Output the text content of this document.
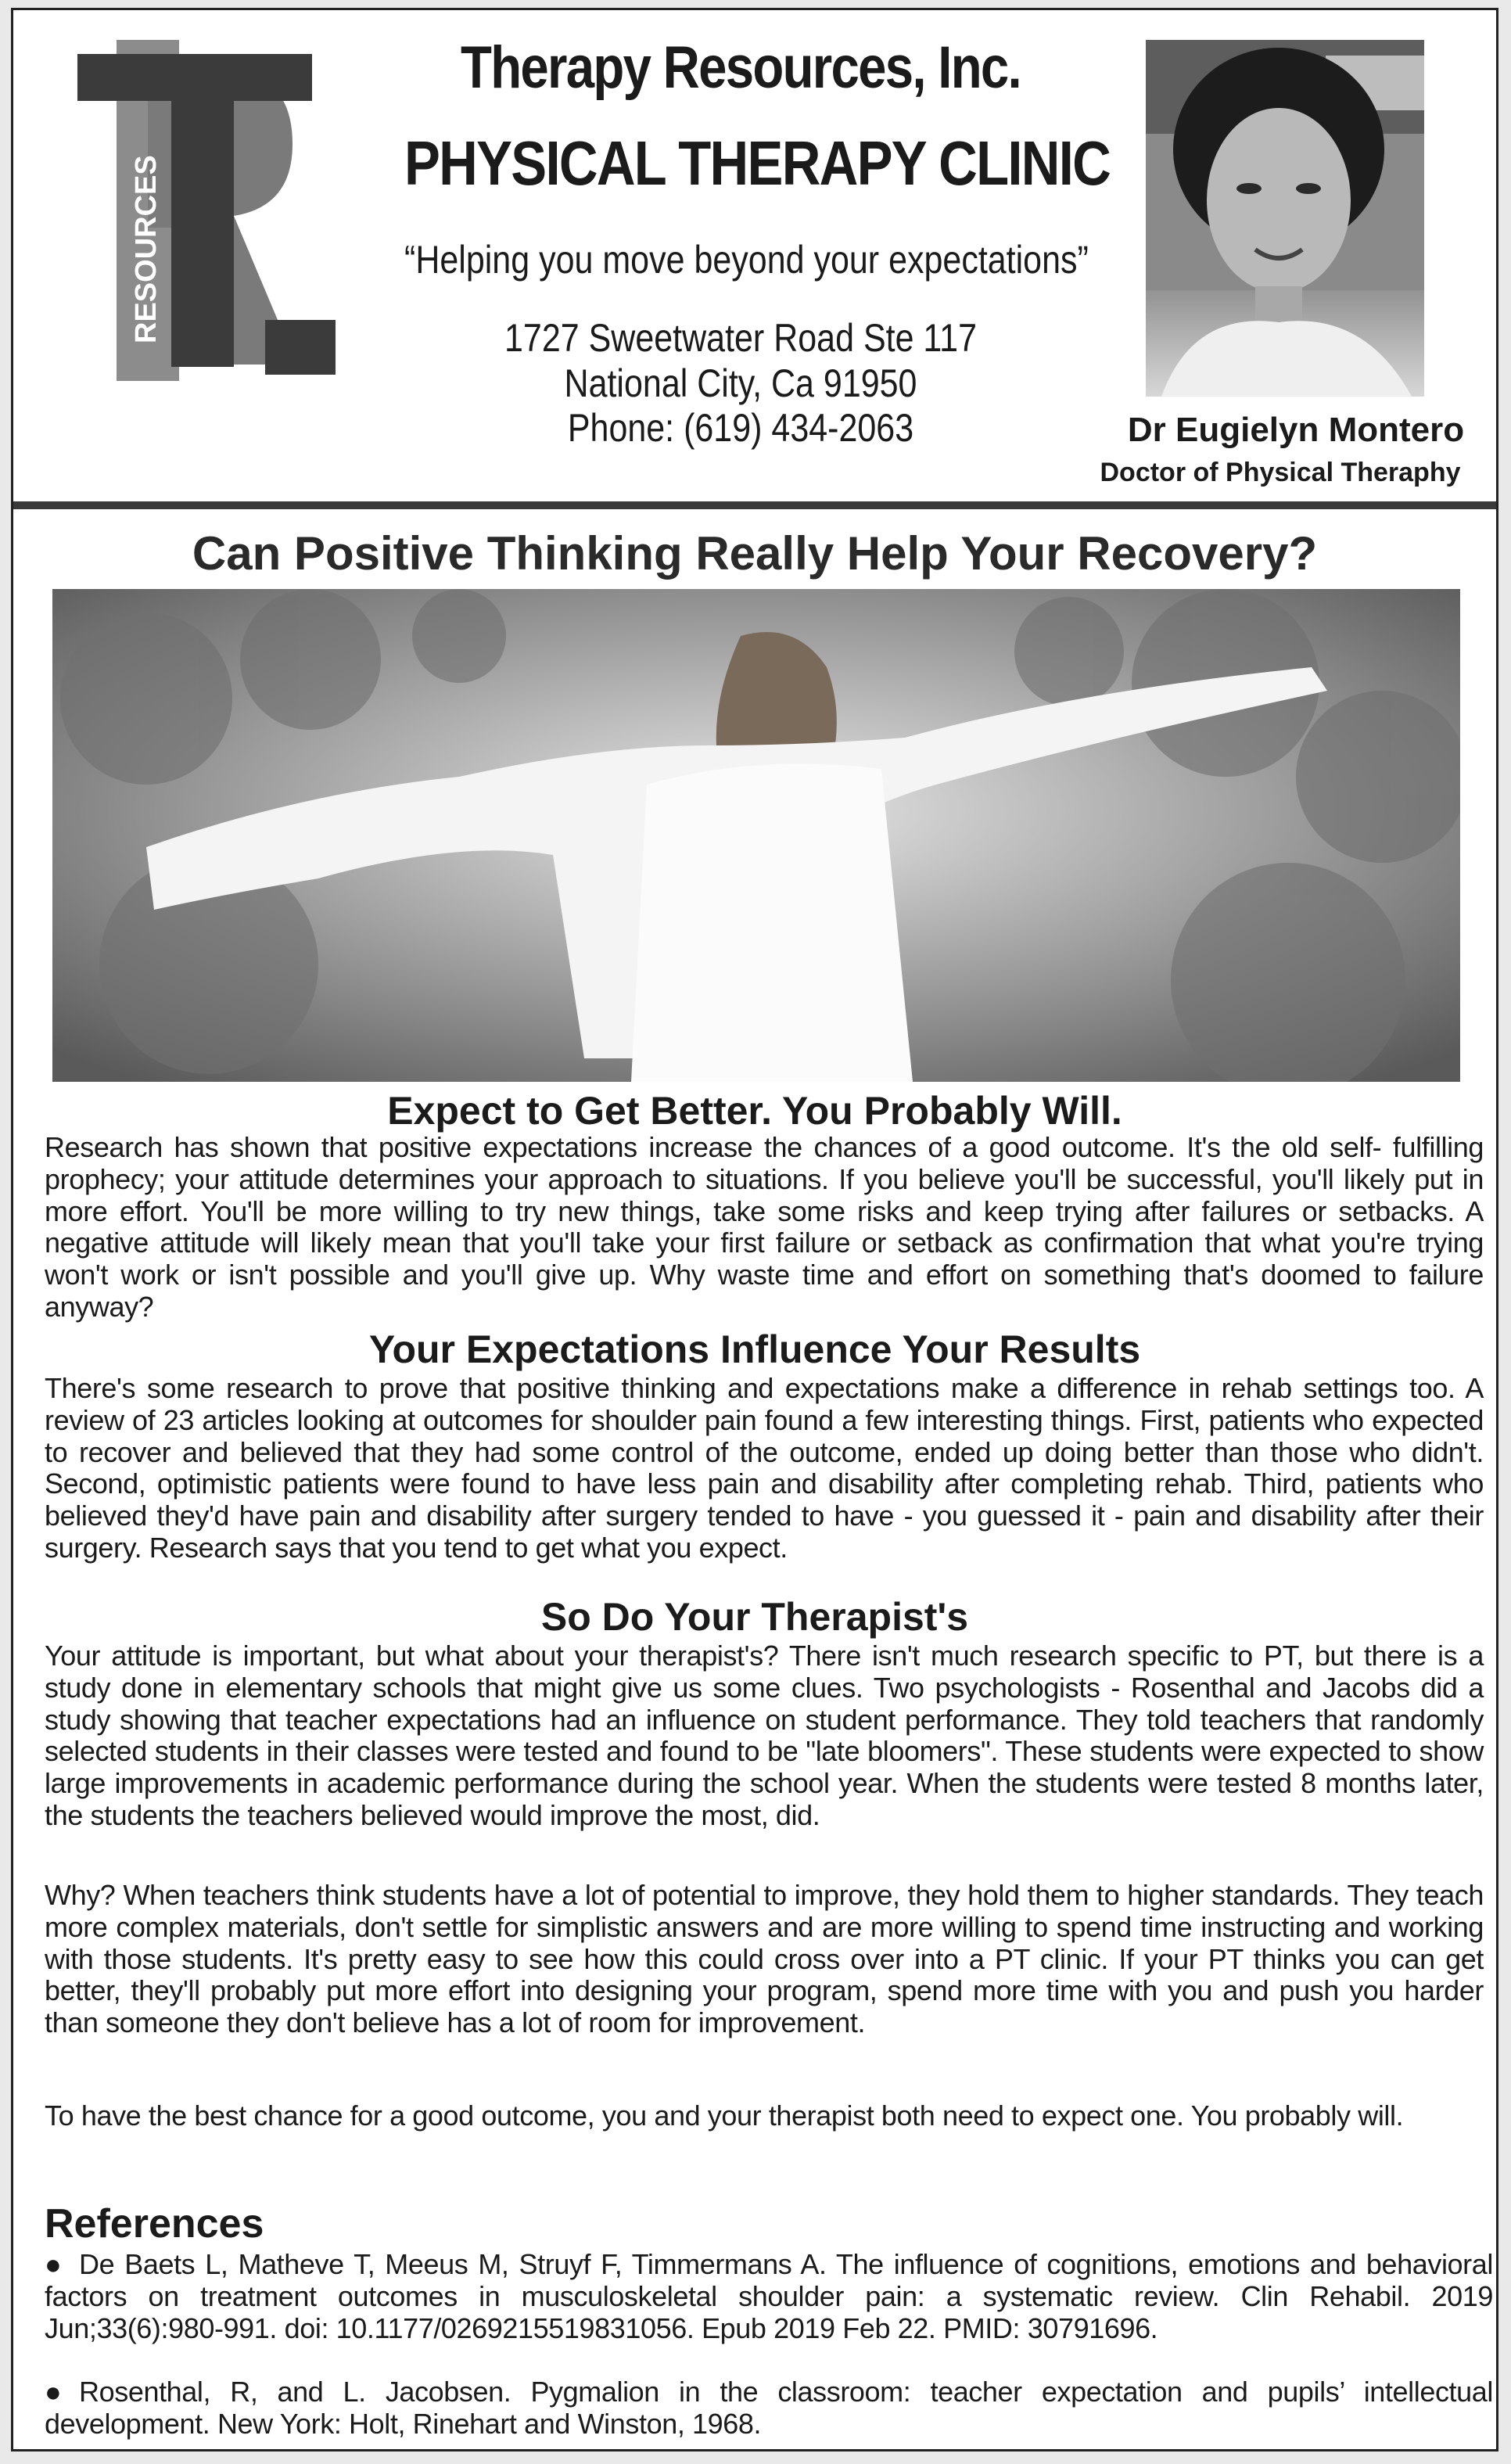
THERAPY RESOURCES	INC
Therapy Resources, Inc.
PHYSICAL THERAPY CLINIC
“Helping you move beyond your expectations”
1727 Sweetwater Road Ste 117
National City, Ca 91950
Phone: (619) 434-2063	Dr Eugielyn Montero
Doctor of Physical Theraphy
Can Positive Thinking Really Help Your Recovery?
Expect to Get Better. You Probably Will.
Research has shown that positive expectations increase the chances of a good outcome. It's the old self- fulfilling prophecy; your attitude determines your approach to situations. If you believe you'll be successful, you'll likely put in more effort. You'll be more willing to try new things, take some risks and keep trying after failures or setbacks. A negative attitude will likely mean that you'll take your first failure or setback as confirmation that what you're trying won't work or isn't possible and you'll give up. Why waste time and effort on something that's doomed to failure anyway?
Your Expectations Influence Your Results
There's some research to prove that positive thinking and expectations make a difference in rehab settings too. A review of 23 articles looking at outcomes for shoulder pain found a few interesting things. First, patients who expected to recover and believed that they had some control of the outcome, ended up doing better than those who didn't. Second, optimistic patients were found to have less pain and disability after completing rehab. Third, patients who believed they'd have pain and disability after surgery tended to have - you guessed it - pain and disability after their surgery. Research says that you tend to get what you expect.
So Do Your Therapist's
Your attitude is important, but what about your therapist's? There isn't much research specific to PT, but there is a study done in elementary schools that might give us some clues. Two psychologists - Rosenthal and Jacobs did a study showing that teacher expectations had an influence on student performance. They told teachers that randomly selected students in their classes were tested and found to be "late bloomers". These students were expected to show large improvements in academic performance during the school year. When the students were tested 8 months later, the students the teachers believed would improve the most, did.
Why? When teachers think students have a lot of potential to improve, they hold them to higher standards. They teach more complex materials, don't settle for simplistic answers and are more willing to spend time instructing and working with those students. It's pretty easy to see how this could cross over into a PT clinic. If your PT thinks you can get better, they'll probably put more effort into designing your program, spend more time with you and push you harder than someone they don't believe has a lot of room for improvement.
To have the best chance for a good outcome, you and your therapist both need to expect one. You probably will.
References
● De Baets L, Matheve T, Meeus M, Struyf F, Timmermans A. The influence of cognitions, emotions and behavioral factors on treatment outcomes in musculoskeletal shoulder pain: a systematic review. Clin Rehabil. 2019 Jun;33(6):980-991. doi: 10.1177/0269215519831056. Epub 2019 Feb 22. PMID: 30791696.
● Rosenthal, R, and L. Jacobsen. Pygmalion in the classroom: teacher expectation and pupils’ intellectual development. New York: Holt, Rinehart and Winston, 1968.
